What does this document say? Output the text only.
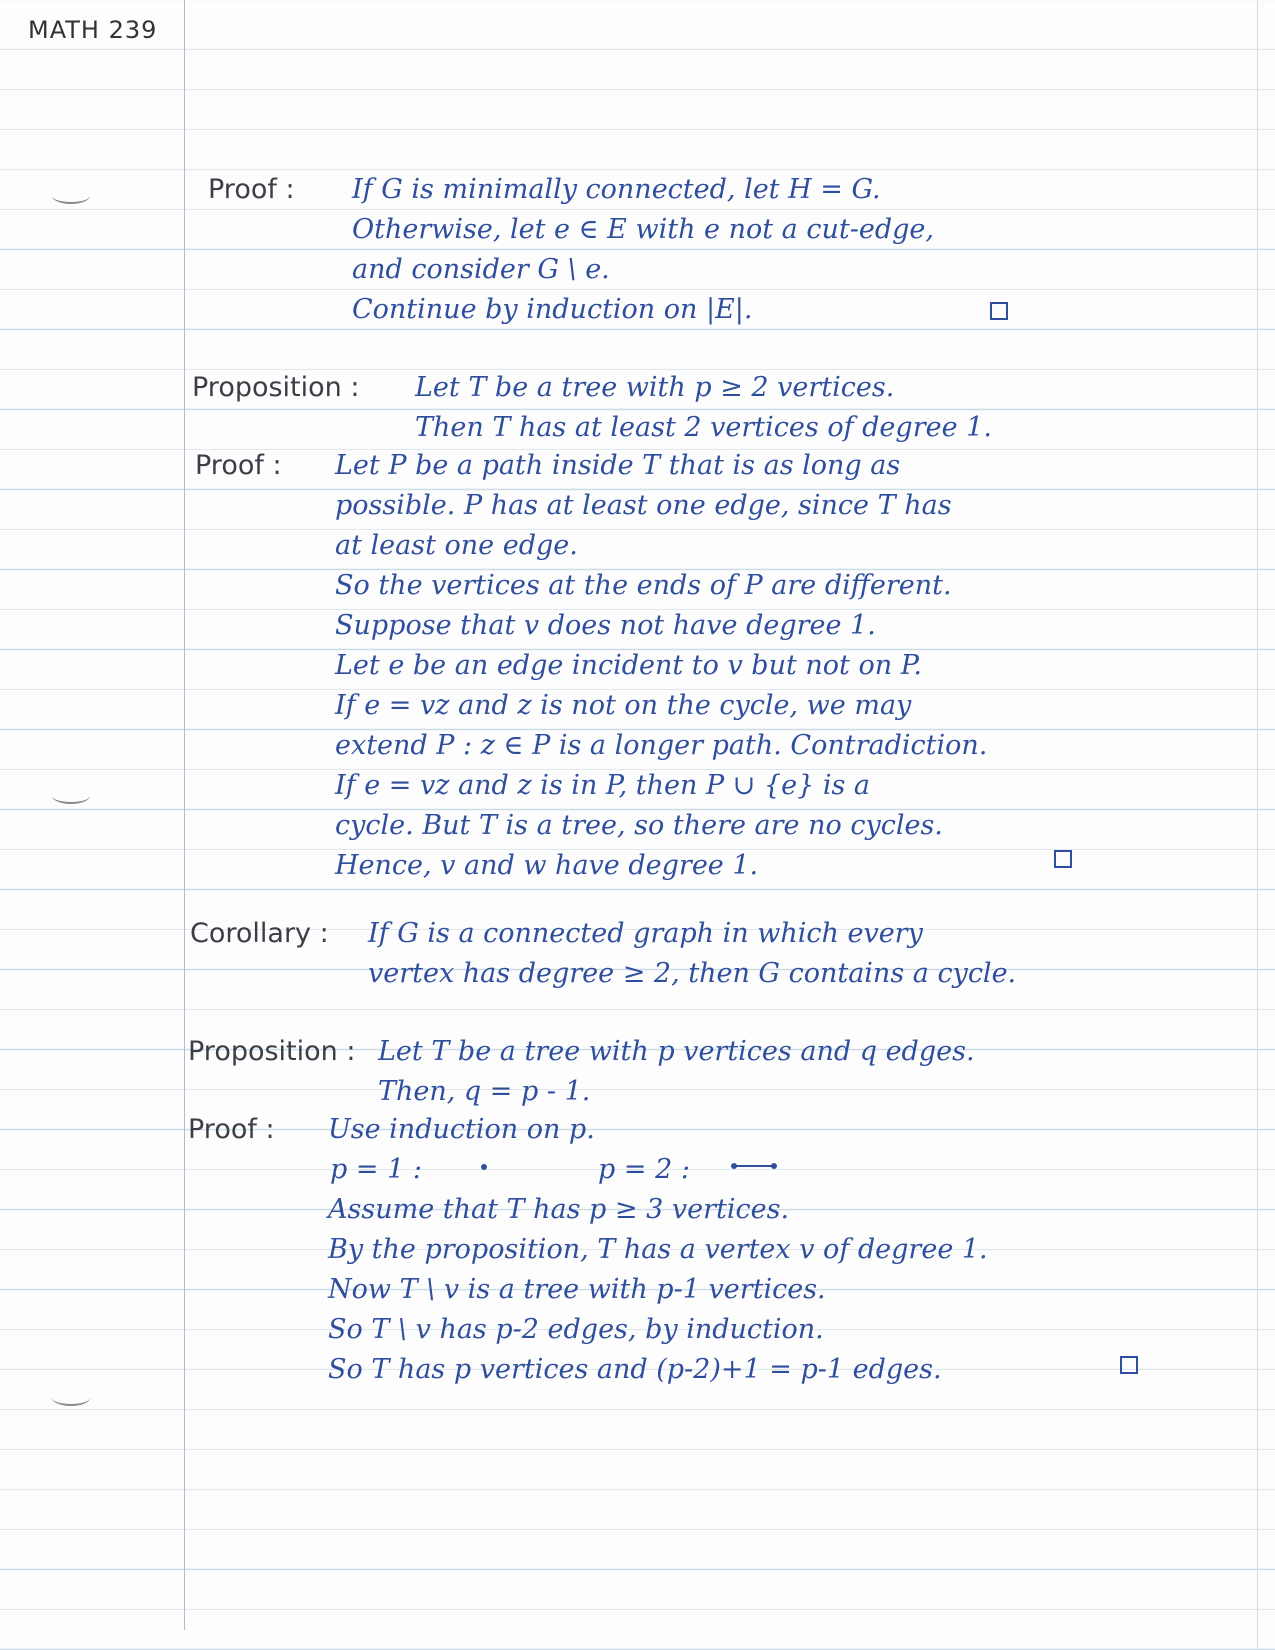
MATH 239
Proof : If G is minimally connected, let H = G.
Otherwise, let e ∈ E with e not a cut-edge,
and consider G \ e.
Continue by induction on |E|.
Proposition : Let T be a tree with p ≥ 2 vertices.
Then T has at least 2 vertices of degree 1.
Proof : Let P be a path inside T that is as long as
possible. P has at least one edge, since T has
at least one edge.
So the vertices at the ends of P are different.
Suppose that v does not have degree 1.
Let e be an edge incident to v but not on P.
If e = vz and z is not on the cycle, we may
extend P : z ∈ P is a longer path. Contradiction.
If e = vz and z is in P, then P ∪ {e} is a
cycle. But T is a tree, so there are no cycles.
Hence, v and w have degree 1.
Corollary : If G is a connected graph in which every
vertex has degree ≥ 2, then G contains a cycle.
Proposition : Let T be a tree with p vertices and q edges.
Then, q = p - 1.
Proof : Use induction on p.
p = 1 :	p = 2 :
Assume that T has p ≥ 3 vertices.
By the proposition, T has a vertex v of degree 1.
Now T \ v is a tree with p-1 vertices.
So T \ v has p-2 edges, by induction.
So T has p vertices and (p-2)+1 = p-1 edges.
